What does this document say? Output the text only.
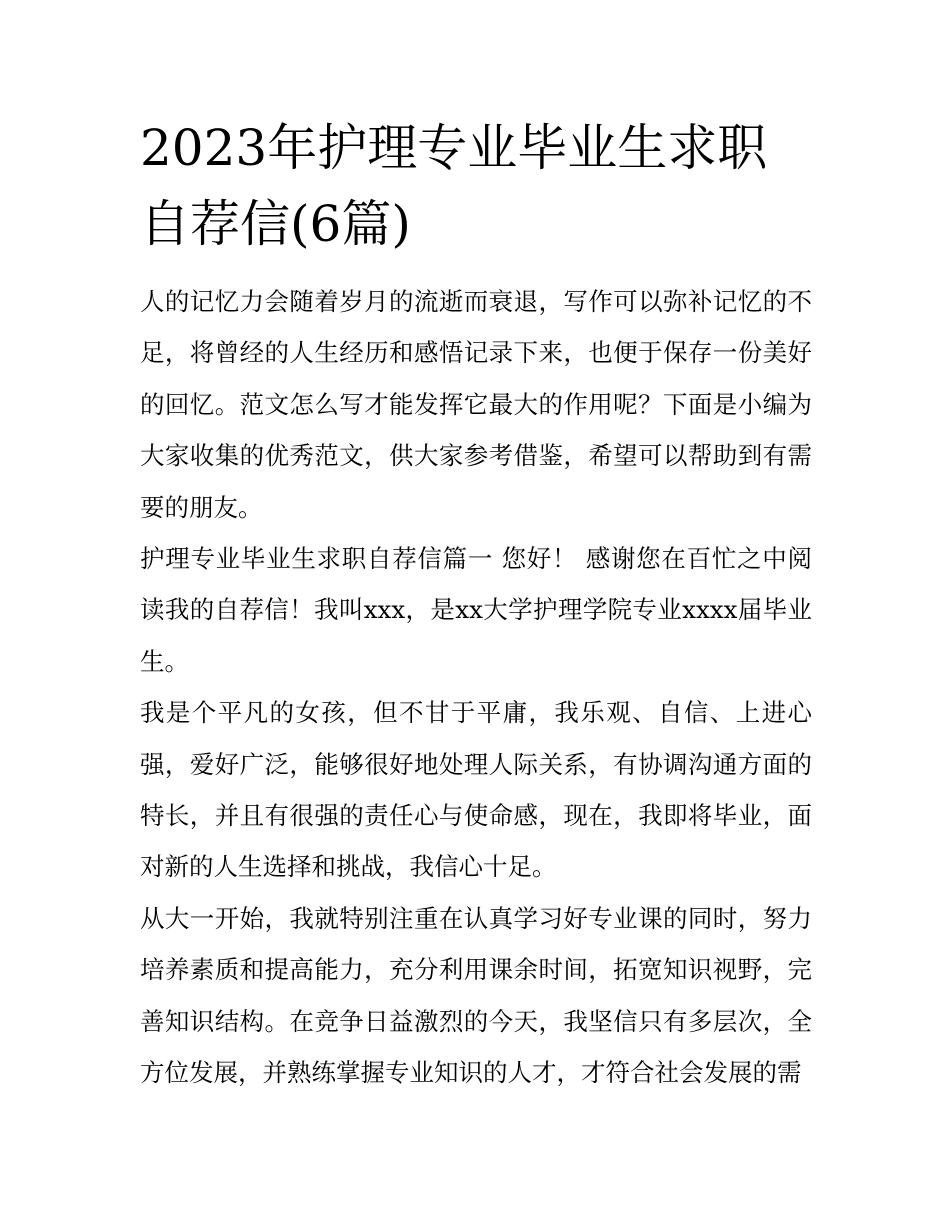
2023年护理专业毕业生求职自荐信(6篇)

人的记忆力会随着岁月的流逝而衰退，写作可以弥补记忆的不足，将曾经的人生经历和感悟记录下来，也便于保存一份美好的回忆。范文怎么写才能发挥它最大的作用呢？下面是小编为大家收集的优秀范文，供大家参考借鉴，希望可以帮助到有需要的朋友。

护理专业毕业生求职自荐信篇一 您好！ 感谢您在百忙之中阅读我的自荐信！我叫xxx，是xx大学护理学院专业xxxx届毕业生。

我是个平凡的女孩，但不甘于平庸，我乐观、自信、上进心强，爱好广泛，能够很好地处理人际关系，有协调沟通方面的特长，并且有很强的责任心与使命感，现在，我即将毕业，面对新的人生选择和挑战，我信心十足。

从大一开始，我就特别注重在认真学习好专业课的同时，努力培养素质和提高能力，充分利用课余时间，拓宽知识视野，完善知识结构。在竞争日益激烈的今天，我坚信只有多层次，全方位发展，并熟练掌握专业知识的人才，才符合社会发展的需
